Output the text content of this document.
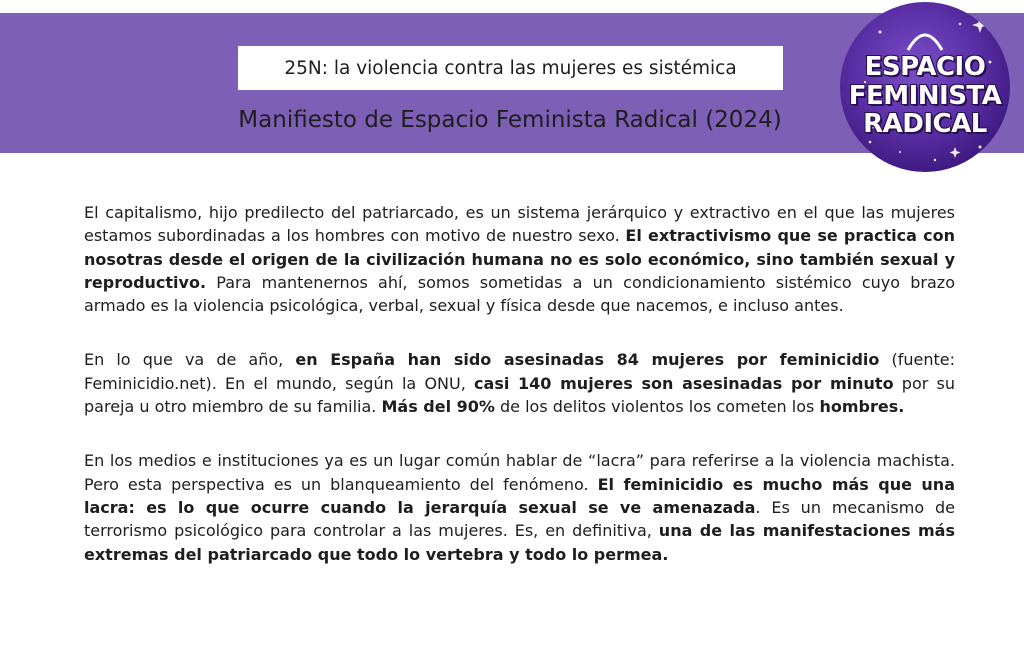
25N: la violencia contra las mujeres es sistémica
Manifiesto de Espacio Feminista Radical (2024)
ESPACIO
FEMINISTA
RADICAL

El capitalismo, hijo predilecto del patriarcado, es un sistema jerárquico y extractivo en el que las mujeres estamos subordinadas a los hombres con motivo de nuestro sexo. El extractivismo que se practica con nosotras desde el origen de la civilización humana no es solo económico, sino también sexual y reproductivo. Para mantenernos ahí, somos sometidas a un condicionamiento sistémico cuyo brazo armado es la violencia psicológica, verbal, sexual y física desde que nacemos, e incluso antes.

En lo que va de año, en España han sido asesinadas 84 mujeres por feminicidio (fuente: Feminicidio.net). En el mundo, según la ONU, casi 140 mujeres son asesinadas por minuto por su pareja u otro miembro de su familia. Más del 90% de los delitos violentos los cometen los hombres.

En los medios e instituciones ya es un lugar común hablar de “lacra” para referirse a la violencia machista. Pero esta perspectiva es un blanqueamiento del fenómeno. El feminicidio es mucho más que una lacra: es lo que ocurre cuando la jerarquía sexual se ve amenazada. Es un mecanismo de terrorismo psicológico para controlar a las mujeres. Es, en definitiva, una de las manifestaciones más extremas del patriarcado que todo lo vertebra y todo lo permea.
